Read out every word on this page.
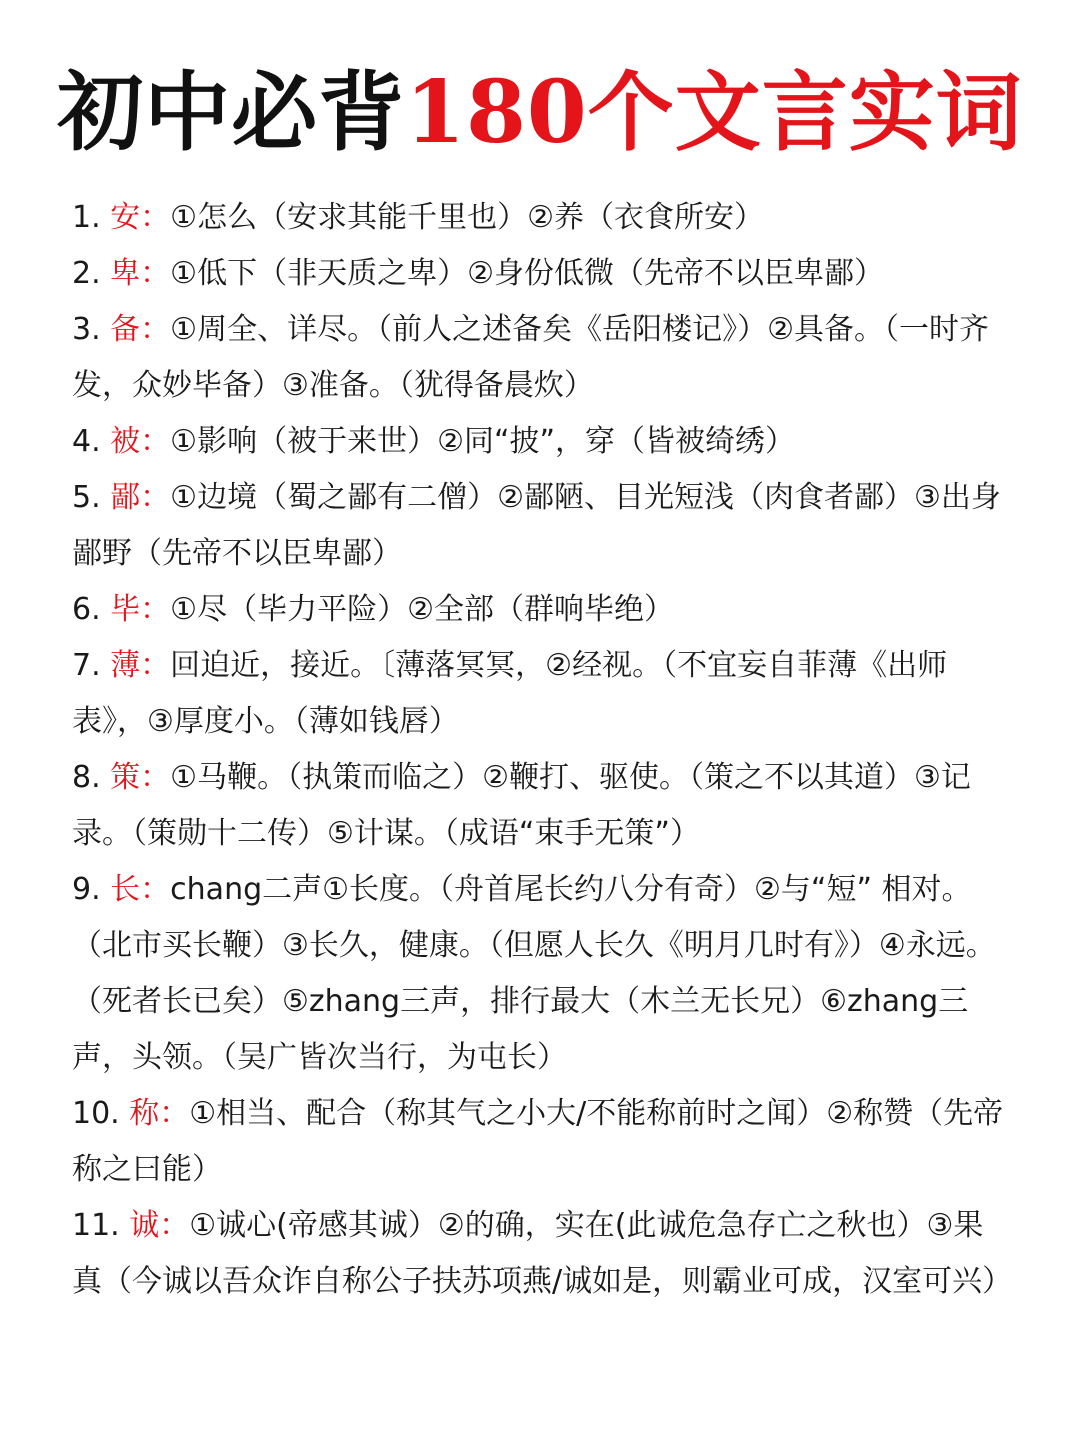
初中必背180个文言实词

1. 安：①怎么（安求其能千里也）②养（衣食所安）

2. 卑：①低下（非天质之卑）②身份低微（先帝不以臣卑鄙）

3. 备：①周全、详尽。（前人之述备矣《岳阳楼记》）②具备。（一时齐发，众妙毕备）③准备。（犹得备晨炊）

4. 被：①影响（被于来世）②同“披”，穿（皆被绮绣）

5. 鄙：①边境（蜀之鄙有二僧）②鄙陋、目光短浅（肉食者鄙）③出身鄙野（先帝不以臣卑鄙）

6. 毕：①尽（毕力平险）②全部（群响毕绝）

7. 薄：回迫近，接近。〔薄落冥冥，②经视。（不宜妄自菲薄《出师表》，③厚度小。（薄如钱唇）

8. 策：①马鞭。（执策而临之）②鞭打、驱使。（策之不以其道）③记录。（策勋十二传）⑤计谋。（成语“束手无策”）

9. 长：chang二声①长度。（舟首尾长约八分有奇）②与“短” 相对。（北市买长鞭）③长久，健康。（但愿人长久《明月几时有》）④永远。（死者长已矣）⑤zhang三声，排行最大（木兰无长兄）⑥zhang三声，头领。（吴广皆次当行，为屯长）

10. 称：①相当、配合（称其气之小大/不能称前时之闻）②称赞（先帝称之曰能）

11. 诚：①诚心(帝感其诚）②的确，实在(此诚危急存亡之秋也）③果真（今诚以吾众诈自称公子扶苏项燕/诚如是，则霸业可成，汉室可兴）
